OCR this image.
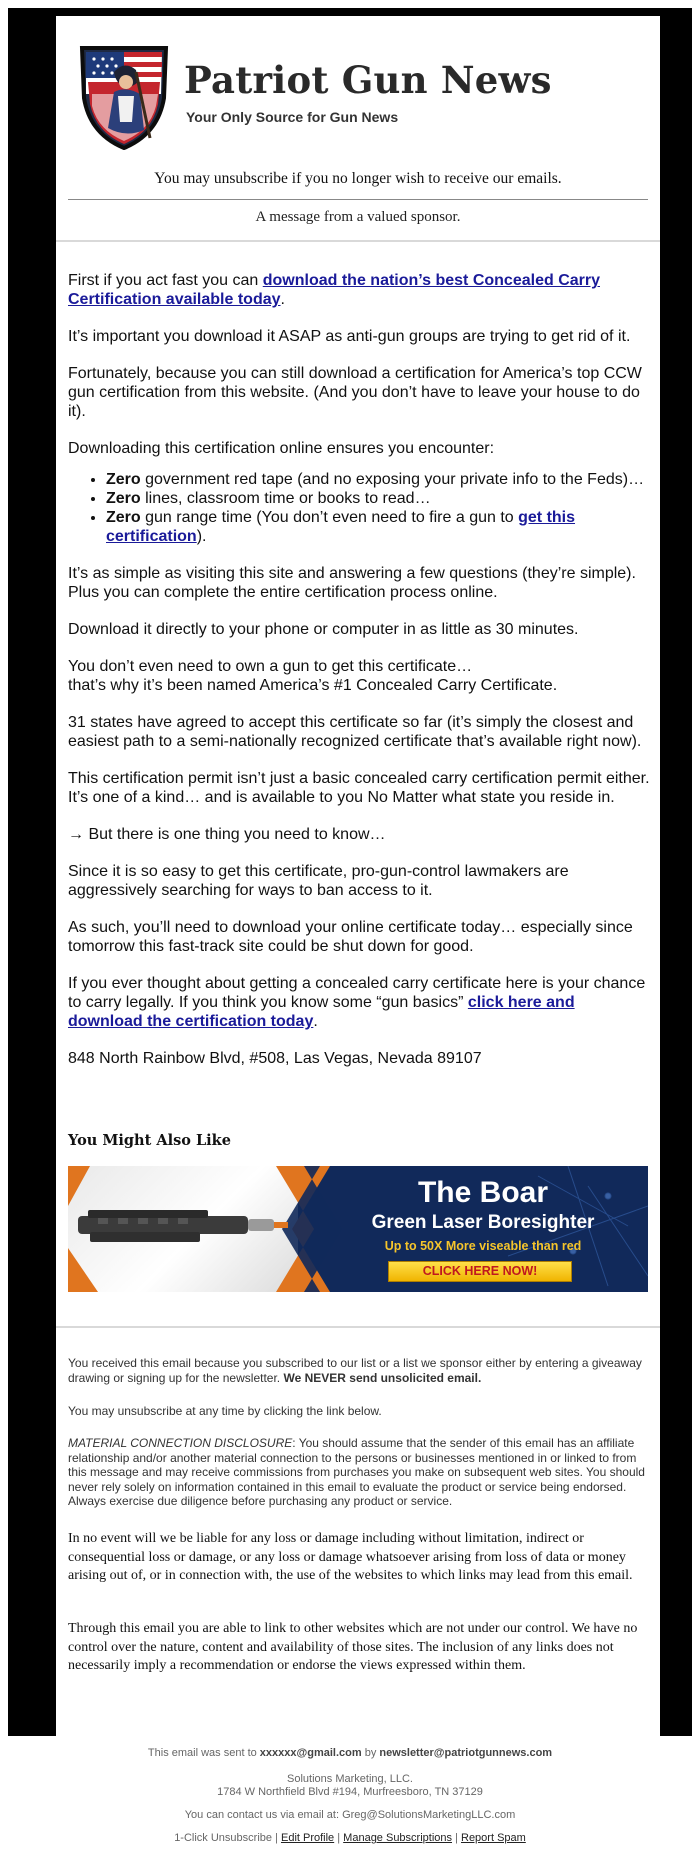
Patriot Gun News
Your Only Source for Gun News
You may unsubscribe if you no longer wish to receive our emails.
A message from a valued sponsor.

First if you act fast you can download the nation’s best Concealed Carry Certification available today.

It’s important you download it ASAP as anti-gun groups are trying to get rid of it.

Fortunately, because you can still download a certification for America’s top CCW gun certification from this website. (And you don’t have to leave your house to do it).

Downloading this certification online ensures you encounter:

• Zero government red tape (and no exposing your private info to the Feds)…
• Zero lines, classroom time or books to read…
• Zero gun range time (You don’t even need to fire a gun to get this certification).

It’s as simple as visiting this site and answering a few questions (they’re simple). Plus you can complete the entire certification process online.

Download it directly to your phone or computer in as little as 30 minutes.

You don’t even need to own a gun to get this certificate…
that’s why it’s been named America’s #1 Concealed Carry Certificate.

31 states have agreed to accept this certificate so far (it’s simply the closest and easiest path to a semi-nationally recognized certificate that’s available right now).

This certification permit isn’t just a basic concealed carry certification permit either. It’s one of a kind… and is available to you No Matter what state you reside in.

→ But there is one thing you need to know…

Since it is so easy to get this certificate, pro-gun-control lawmakers are aggressively searching for ways to ban access to it.

As such, you’ll need to download your online certificate today… especially since tomorrow this fast-track site could be shut down for good.

If you ever thought about getting a concealed carry certificate here is your chance to carry legally. If you think you know some “gun basics” click here and download the certification today.

848 North Rainbow Blvd, #508, Las Vegas, Nevada 89107

You Might Also Like
The Boar
Green Laser Boresighter
Up to 50X More viseable than red
CLICK HERE NOW!
You received this email because you subscribed to our list or a list we sponsor either by entering a giveaway drawing or signing up for the newsletter. We NEVER send unsolicited email.
You may unsubscribe at any time by clicking the link below.
MATERIAL CONNECTION DISCLOSURE: You should assume that the sender of this email has an affiliate relationship and/or another material connection to the persons or businesses mentioned in or linked to from this message and may receive commissions from purchases you make on subsequent web sites. You should never rely solely on information contained in this email to evaluate the product or service being endorsed. Always exercise due diligence before purchasing any product or service.
In no event will we be liable for any loss or damage including without limitation, indirect or consequential loss or damage, or any loss or damage whatsoever arising from loss of data or money arising out of, or in connection with, the use of the websites to which links may lead from this email.
Through this email you are able to link to other websites which are not under our control. We have no control over the nature, content and availability of those sites. The inclusion of any links does not necessarily imply a recommendation or endorse the views expressed within them.
This email was sent to xxxxxx@gmail.com by newsletter@patriotgunnews.com
Solutions Marketing, LLC.
1784 W Northfield Blvd #194, Murfreesboro, TN 37129
You can contact us via email at: Greg@SolutionsMarketingLLC.com
1-Click Unsubscribe | Edit Profile | Manage Subscriptions | Report Spam
